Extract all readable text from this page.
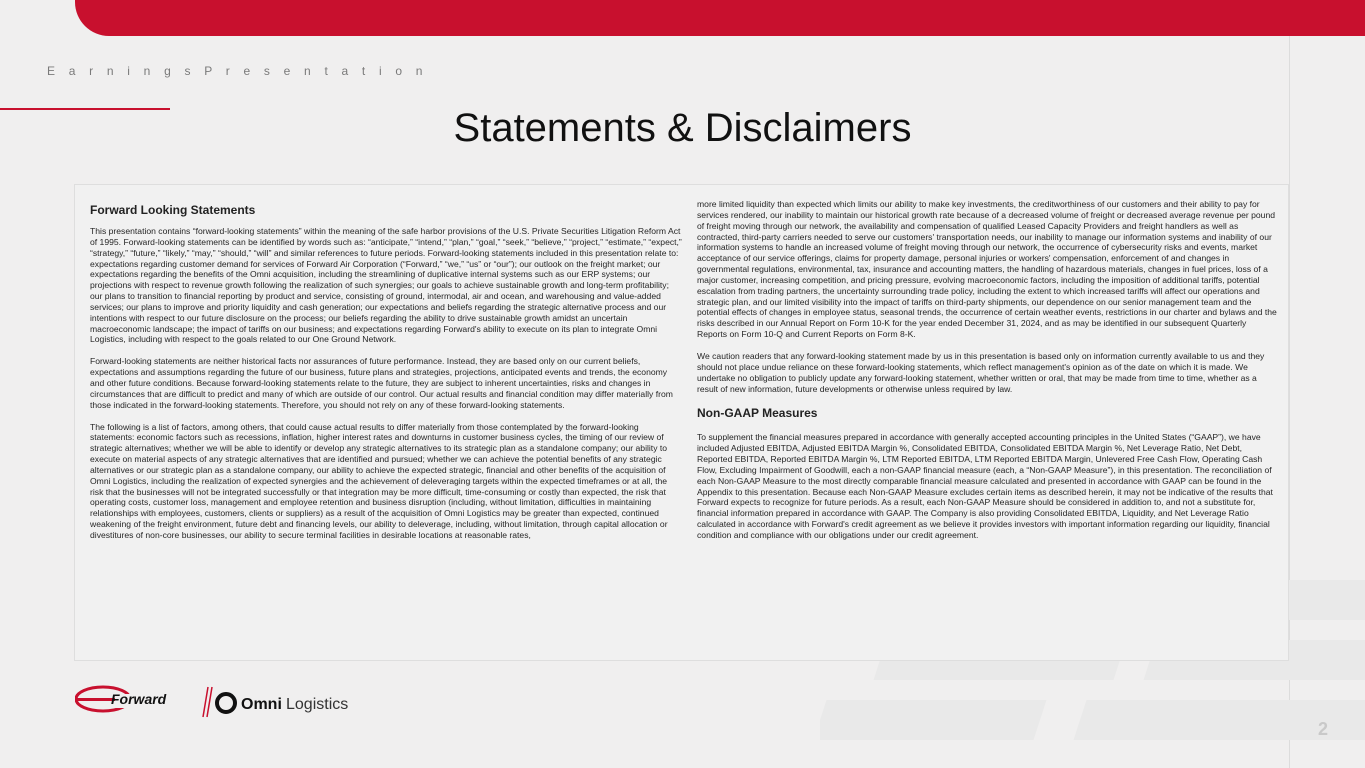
E a r n i n g s P r e s e n t a t i o n
Statements & Disclaimers
Forward Looking Statements

This presentation contains “forward-looking statements” within the meaning of the safe harbor provisions of the U.S. Private Securities Litigation Reform Act of 1995. Forward-looking statements can be identified by words such as: “anticipate,” “intend,” “plan,” “goal,” “seek,” “believe,” “project,” “estimate,” “expect,” “strategy,” “future,” “likely,” “may,” “should,” “will” and similar references to future periods. Forward-looking statements included in this presentation relate to: expectations regarding customer demand for services of Forward Air Corporation (“Forward,” “we,” “us” or “our”); our outlook on the freight market; our expectations regarding the benefits of the Omni acquisition, including the streamlining of duplicative internal systems such as our ERP systems; our projections with respect to revenue growth following the realization of such synergies; our goals to achieve sustainable growth and long-term profitability; our plans to transition to financial reporting by product and service, consisting of ground, intermodal, air and ocean, and warehousing and value-added services; our plans to improve and priority liquidity and cash generation; our expectations and beliefs regarding the strategic alternative process and our intentions with respect to our future disclosure on the process; our beliefs regarding the ability to drive sustainable growth amidst an uncertain macroeconomic landscape; the impact of tariffs on our business; and expectations regarding Forward's ability to execute on its plan to integrate Omni Logistics, including with respect to the goals related to our One Ground Network.

Forward-looking statements are neither historical facts nor assurances of future performance. Instead, they are based only on our current beliefs, expectations and assumptions regarding the future of our business, future plans and strategies, projections, anticipated events and trends, the economy and other future conditions. Because forward-looking statements relate to the future, they are subject to inherent uncertainties, risks and changes in circumstances that are difficult to predict and many of which are outside of our control. Our actual results and financial condition may differ materially from those indicated in the forward-looking statements. Therefore, you should not rely on any of these forward-looking statements.

The following is a list of factors, among others, that could cause actual results to differ materially from those contemplated by the forward-looking statements: economic factors such as recessions, inflation, higher interest rates and downturns in customer business cycles, the timing of our review of strategic alternatives; whether we will be able to identify or develop any strategic alternatives to its strategic plan as a standalone company; our ability to execute on material aspects of any strategic alternatives that are identified and pursued; whether we can achieve the potential benefits of any strategic alternatives or our strategic plan as a standalone company, our ability to achieve the expected strategic, financial and other benefits of the acquisition of Omni Logistics, including the realization of expected synergies and the achievement of deleveraging targets within the expected timeframes or at all, the risk that the businesses will not be integrated successfully or that integration may be more difficult, time-consuming or costly than expected, the risk that operating costs, customer loss, management and employee retention and business disruption (including, without limitation, difficulties in maintaining relationships with employees, customers, clients or suppliers) as a result of the acquisition of Omni Logistics may be greater than expected, continued weakening of the freight environment, future debt and financing levels, our ability to deleverage, including, without limitation, through capital allocation or divestitures of non-core businesses, our ability to secure terminal facilities in desirable locations at reasonable rates,

more limited liquidity than expected which limits our ability to make key investments, the creditworthiness of our customers and their ability to pay for services rendered, our inability to maintain our historical growth rate because of a decreased volume of freight or decreased average revenue per pound of freight moving through our network, the availability and compensation of qualified Leased Capacity Providers and freight handlers as well as contracted, third-party carriers needed to serve our customers' transportation needs, our inability to manage our information systems and inability of our information systems to handle an increased volume of freight moving through our network, the occurrence of cybersecurity risks and events, market acceptance of our service offerings, claims for property damage, personal injuries or workers' compensation, enforcement of and changes in governmental regulations, environmental, tax, insurance and accounting matters, the handling of hazardous materials, changes in fuel prices, loss of a major customer, increasing competition, and pricing pressure, evolving macroeconomic factors, including the imposition of additional tariffs, potential escalation from trading partners, the uncertainty surrounding trade policy, including the extent to which increased tariffs will affect our operations and strategic plan, and our limited visibility into the impact of tariffs on third-party shipments, our dependence on our senior management team and the potential effects of changes in employee status, seasonal trends, the occurrence of certain weather events, restrictions in our charter and bylaws and the risks described in our Annual Report on Form 10-K for the year ended December 31, 2024, and as may be identified in our subsequent Quarterly Reports on Form 10-Q and Current Reports on Form 8-K.

We caution readers that any forward-looking statement made by us in this presentation is based only on information currently available to us and they should not place undue reliance on these forward-looking statements, which reflect management's opinion as of the date on which it is made. We undertake no obligation to publicly update any forward-looking statement, whether written or oral, that may be made from time to time, whether as a result of new information, future developments or otherwise unless required by law.

Non-GAAP Measures

To supplement the financial measures prepared in accordance with generally accepted accounting principles in the United States (“GAAP”), we have included Adjusted EBITDA, Adjusted EBITDA Margin %, Consolidated EBITDA, Consolidated EBITDA Margin %, Net Leverage Ratio, Net Debt, Reported EBITDA, Reported EBITDA Margin %, LTM Reported EBITDA, LTM Reported EBITDA Margin, Unlevered Free Cash Flow, Operating Cash Flow, Excluding Impairment of Goodwill, each a non-GAAP financial measure (each, a “Non-GAAP Measure”), in this presentation. The reconciliation of each Non-GAAP Measure to the most directly comparable financial measure calculated and presented in accordance with GAAP can be found in the Appendix to this presentation. Because each Non-GAAP Measure excludes certain items as described herein, it may not be indicative of the results that Forward expects to recognize for future periods. As a result, each Non-GAAP Measure should be considered in addition to, and not a substitute for, financial information prepared in accordance with GAAP. The Company is also providing Consolidated EBITDA, Liquidity, and Net Leverage Ratio calculated in accordance with Forward's credit agreement as we believe it provides investors with important information regarding our liquidity, financial condition and compliance with our obligations under our credit agreement.

Forward	Omni Logistics
2
